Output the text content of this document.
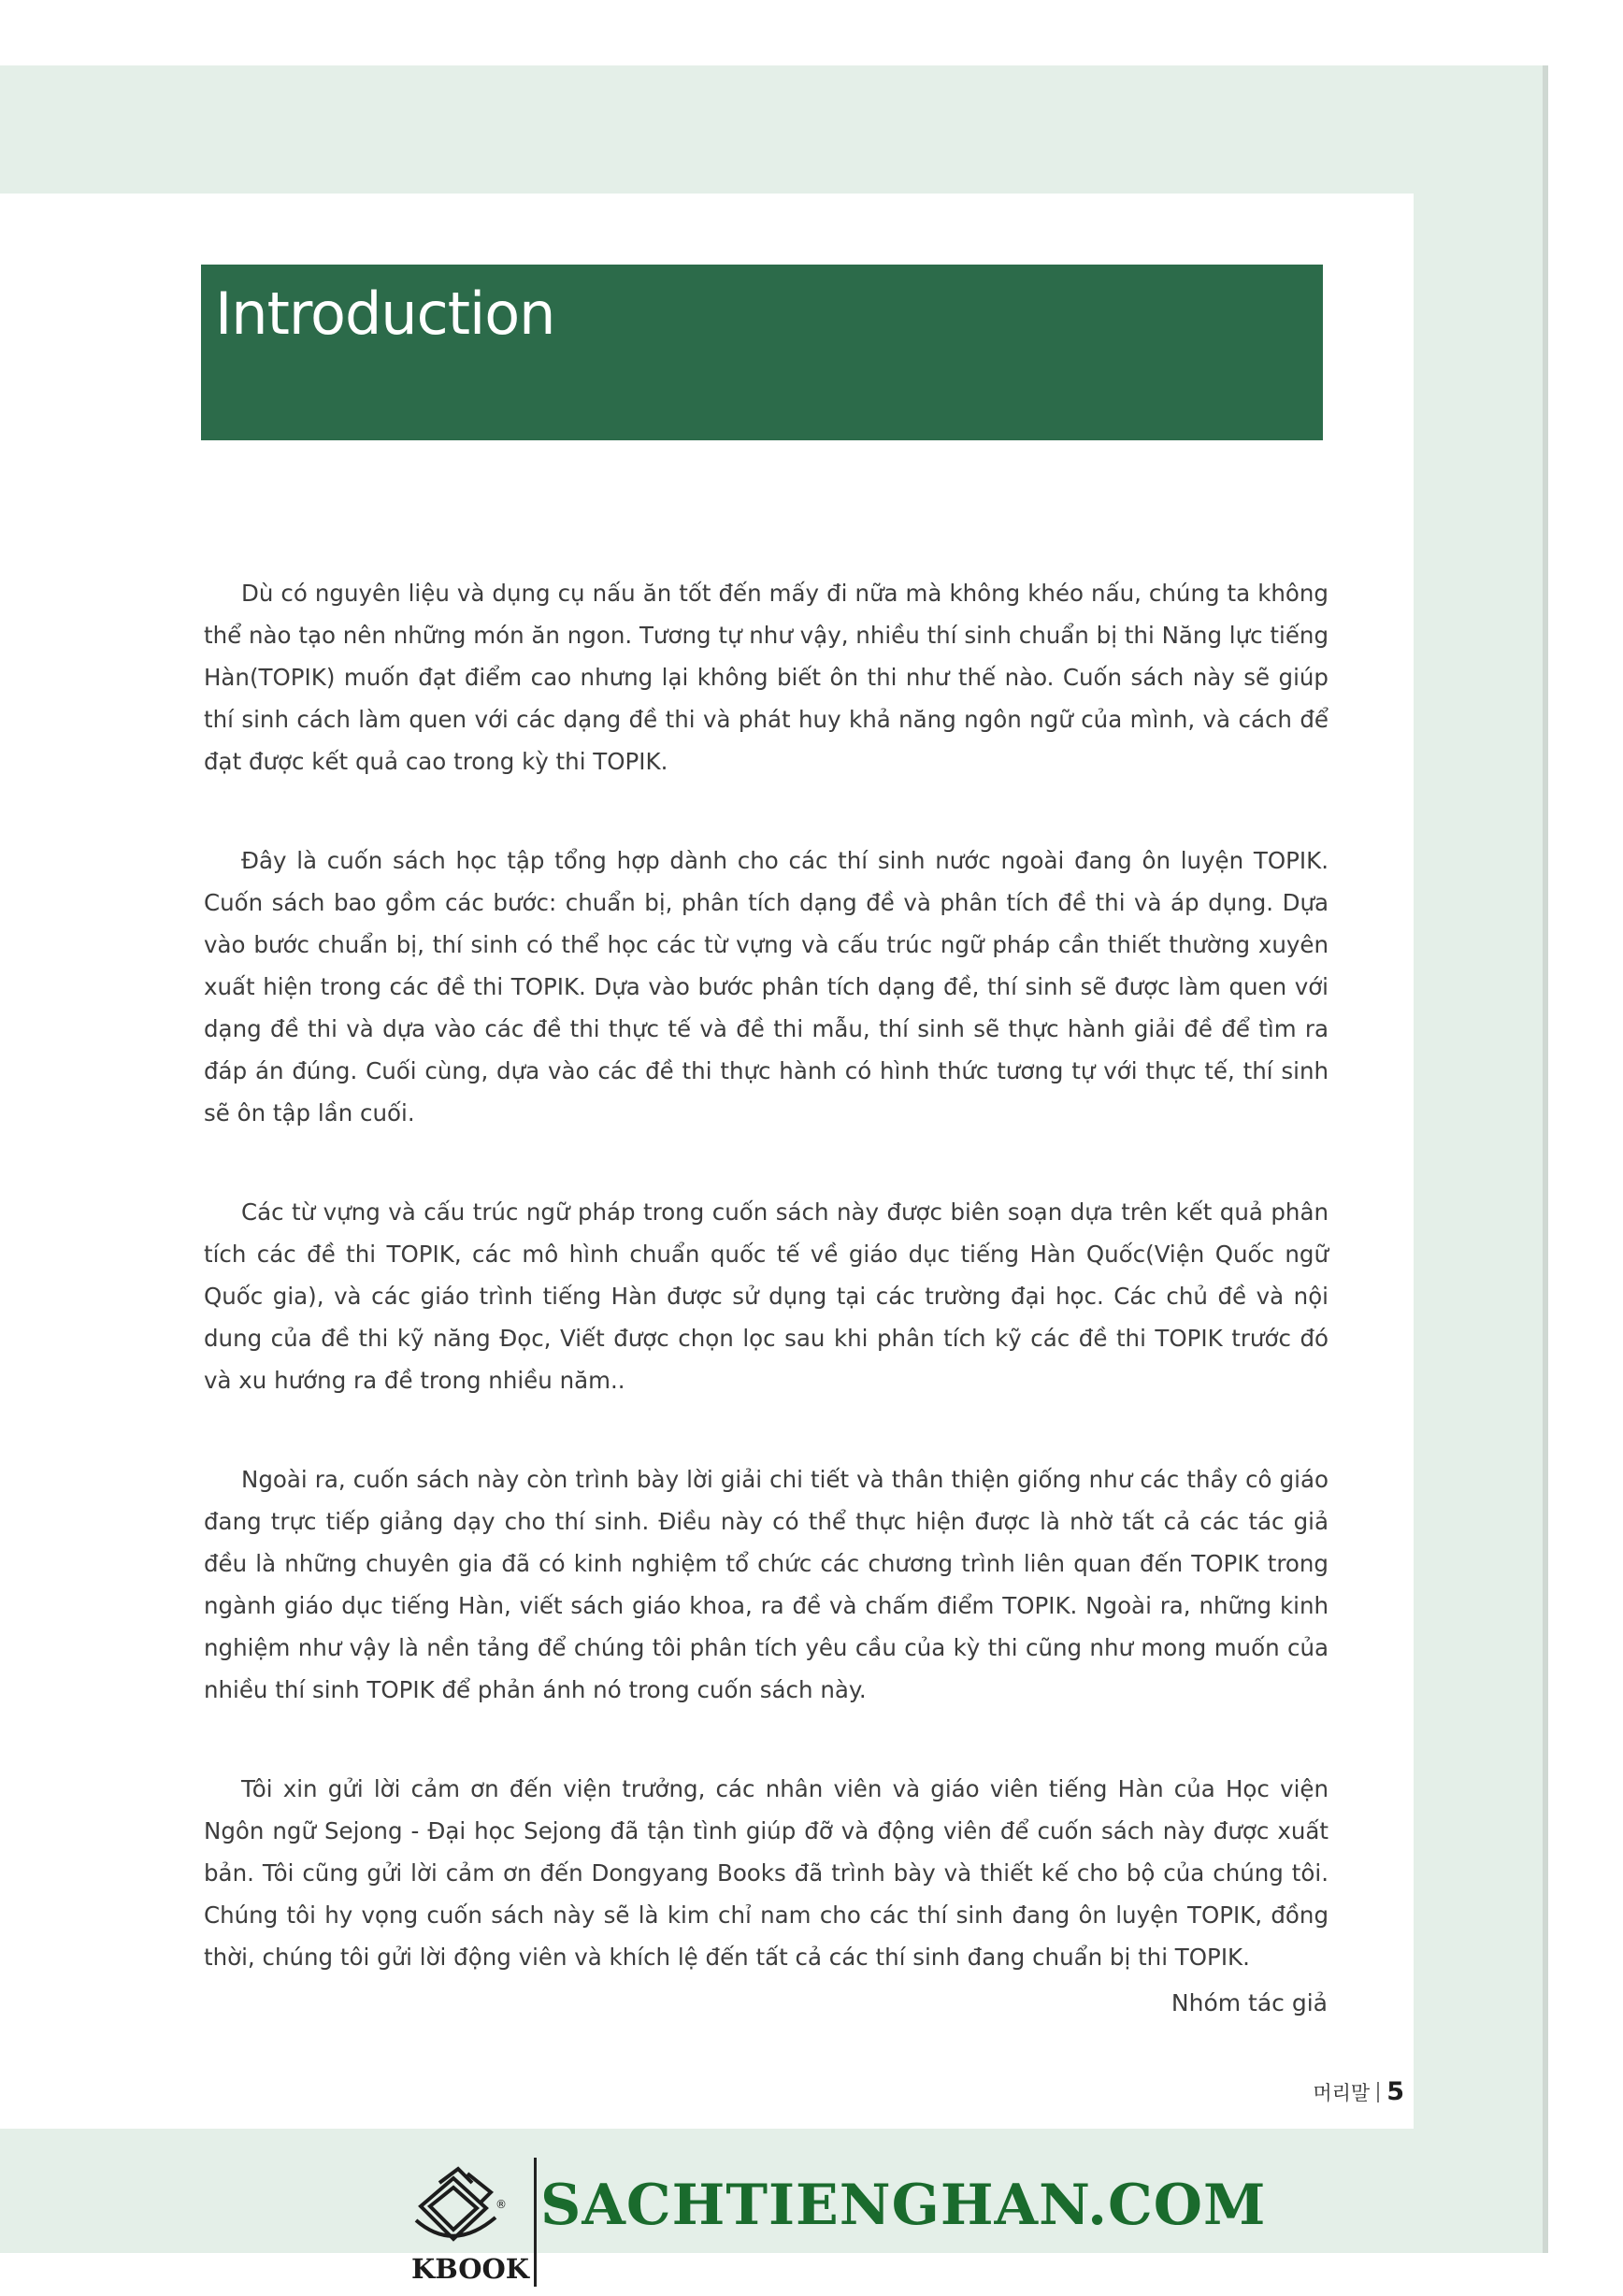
Introduction

Dù có nguyên liệu và dụng cụ nấu ăn tốt đến mấy đi nữa mà không khéo nấu, chúng ta không thể nào tạo nên những món ăn ngon. Tương tự như vậy, nhiều thí sinh chuẩn bị thi Năng lực tiếng Hàn(TOPIK) muốn đạt điểm cao nhưng lại không biết ôn thi như thế nào. Cuốn sách này sẽ giúp thí sinh cách làm quen với các dạng đề thi và phát huy khả năng ngôn ngữ của mình, và cách để đạt được kết quả cao trong kỳ thi TOPIK.

Đây là cuốn sách học tập tổng hợp dành cho các thí sinh nước ngoài đang ôn luyện TOPIK. Cuốn sách bao gồm các bước: chuẩn bị, phân tích dạng đề và phân tích đề thi và áp dụng. Dựa vào bước chuẩn bị, thí sinh có thể học các từ vựng và cấu trúc ngữ pháp cần thiết thường xuyên xuất hiện trong các đề thi TOPIK. Dựa vào bước phân tích dạng đề, thí sinh sẽ được làm quen với dạng đề thi và dựa vào các đề thi thực tế và đề thi mẫu, thí sinh sẽ thực hành giải đề để tìm ra đáp án đúng. Cuối cùng, dựa vào các đề thi thực hành có hình thức tương tự với thực tế, thí sinh sẽ ôn tập lần cuối.

Các từ vựng và cấu trúc ngữ pháp trong cuốn sách này được biên soạn dựa trên kết quả phân tích các đề thi TOPIK, các mô hình chuẩn quốc tế về giáo dục tiếng Hàn Quốc(Viện Quốc ngữ Quốc gia), và các giáo trình tiếng Hàn được sử dụng tại các trường đại học. Các chủ đề và nội dung của đề thi kỹ năng Đọc, Viết được chọn lọc sau khi phân tích kỹ các đề thi TOPIK trước đó và xu hướng ra đề trong nhiều năm..

Ngoài ra, cuốn sách này còn trình bày lời giải chi tiết và thân thiện giống như các thầy cô giáo đang trực tiếp giảng dạy cho thí sinh. Điều này có thể thực hiện được là nhờ tất cả các tác giả đều là những chuyên gia đã có kinh nghiệm tổ chức các chương trình liên quan đến TOPIK trong ngành giáo dục tiếng Hàn, viết sách giáo khoa, ra đề và chấm điểm TOPIK. Ngoài ra, những kinh nghiệm như vậy là nền tảng để chúng tôi phân tích yêu cầu của kỳ thi cũng như mong muốn của nhiều thí sinh TOPIK để phản ánh nó trong cuốn sách này.

Tôi xin gửi lời cảm ơn đến viện trưởng, các nhân viên và giáo viên tiếng Hàn của Học viện Ngôn ngữ Sejong - Đại học Sejong đã tận tình giúp đỡ và động viên để cuốn sách này được xuất bản. Tôi cũng gửi lời cảm ơn đến Dongyang Books đã trình bày và thiết kế cho bộ của chúng tôi. Chúng tôi hy vọng cuốn sách này sẽ là kim chỉ nam cho các thí sinh đang ôn luyện TOPIK, đồng thời, chúng tôi gửi lời động viên và khích lệ đến tất cả các thí sinh đang chuẩn bị thi TOPIK.

Nhóm tác giả
머리말 5
®
KBOOK
SACHTIENGHAN.COM
